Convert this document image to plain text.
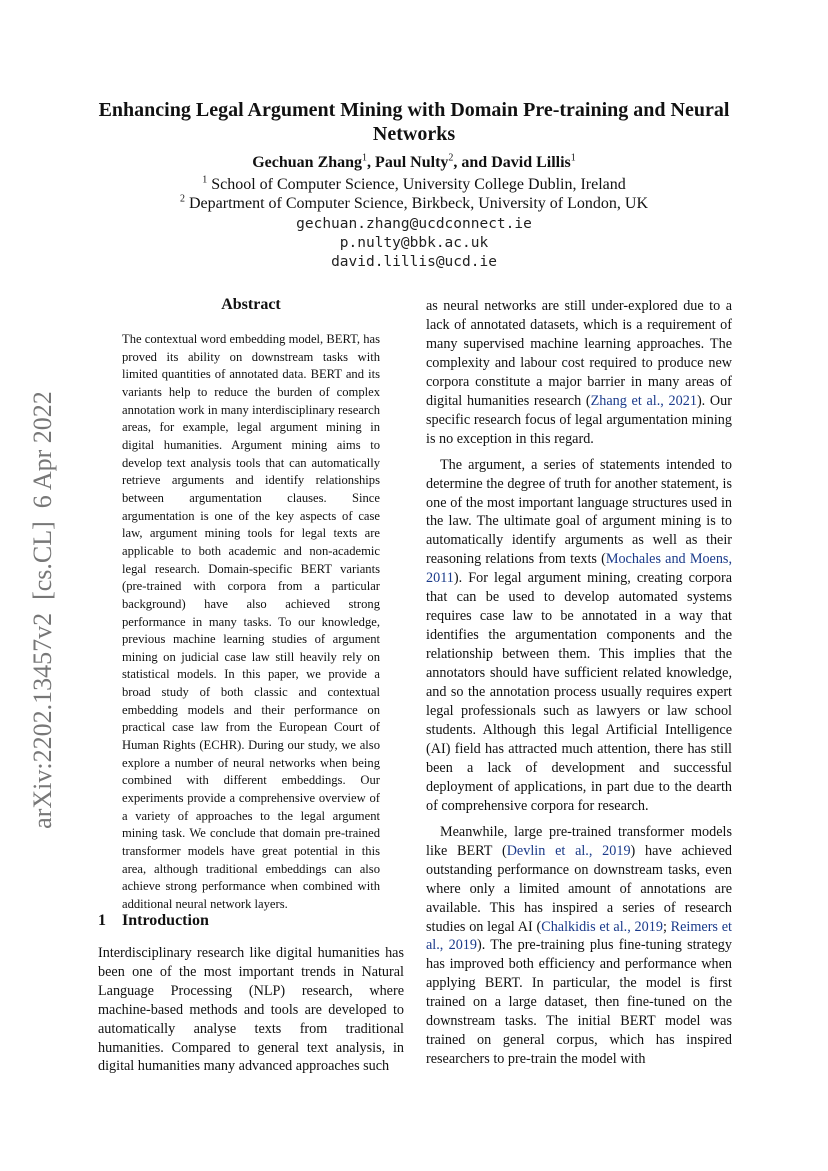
arXiv:2202.13457v2  [cs.CL]  6 Apr 2022
Enhancing Legal Argument Mining with Domain Pre-training and Neural
Networks
Gechuan Zhang$^1$, Paul Nulty$^2$, and David Lillis$^1$
$^1$ School of Computer Science, University College Dublin, Ireland
$^2$ Department of Computer Science, Birkbeck, University of London, UK
gechuan.zhang@ucdconnect.ie
p.nulty@bbk.ac.uk
david.lillis@ucd.ie
Abstract
The contextual word embedding model, BERT, has proved its ability on downstream tasks with limited quantities of annotated data. BERT and its variants help to reduce the burden of complex annotation work in many interdisciplinary research areas, for example, legal argument mining in digital humanities. Argument mining aims to develop text analysis tools that can automatically retrieve arguments and identify relationships between argumentation clauses. Since argumentation is one of the key aspects of case law, argument mining tools for legal texts are applicable to both academic and non-academic legal research. Domain-specific BERT variants (pre-trained with corpora from a particular background) have also achieved strong performance in many tasks. To our knowledge, previous machine learning studies of argument mining on judicial case law still heavily rely on statistical models. In this paper, we provide a broad study of both classic and contextual embedding models and their performance on practical case law from the European Court of Human Rights (ECHR). During our study, we also explore a number of neural networks when being combined with different embeddings. Our experiments provide a comprehensive overview of a variety of approaches to the legal argument mining task. We conclude that domain pre-trained transformer models have great potential in this area, although traditional embeddings can also achieve strong performance when combined with additional neural network layers.
1 Introduction

Interdisciplinary research like digital humanities has been one of the most important trends in Natural Language Processing (NLP) research, where machine-based methods and tools are developed to automatically analyse texts from traditional humanities. Compared to general text analysis, in digital humanities many advanced approaches such

as neural networks are still under-explored due to a lack of annotated datasets, which is a requirement of many supervised machine learning approaches. The complexity and labour cost required to produce new corpora constitute a major barrier in many areas of digital humanities research (Zhang et al., 2021). Our specific research focus of legal argumentation mining is no exception in this regard.

The argument, a series of statements intended to determine the degree of truth for another statement, is one of the most important language structures used in the law. The ultimate goal of argument mining is to automatically identify arguments as well as their reasoning relations from texts (Mochales and Moens, 2011). For legal argument mining, creating corpora that can be used to develop automated systems requires case law to be annotated in a way that identifies the argumentation components and the relationship between them. This implies that the annotators should have sufficient related knowledge, and so the annotation process usually requires expert legal professionals such as lawyers or law school students. Although this legal Artificial Intelligence (AI) field has attracted much attention, there has still been a lack of development and successful deployment of applications, in part due to the dearth of comprehensive corpora for research.

Meanwhile, large pre-trained transformer models like BERT (Devlin et al., 2019) have achieved outstanding performance on downstream tasks, even where only a limited amount of annotations are available. This has inspired a series of research studies on legal AI (Chalkidis et al., 2019; Reimers et al., 2019). The pre-training plus fine-tuning strategy has improved both efficiency and performance when applying BERT. In particular, the model is first trained on a large dataset, then fine-tuned on the downstream tasks. The initial BERT model was trained on general corpus, which has inspired researchers to pre-train the model with
